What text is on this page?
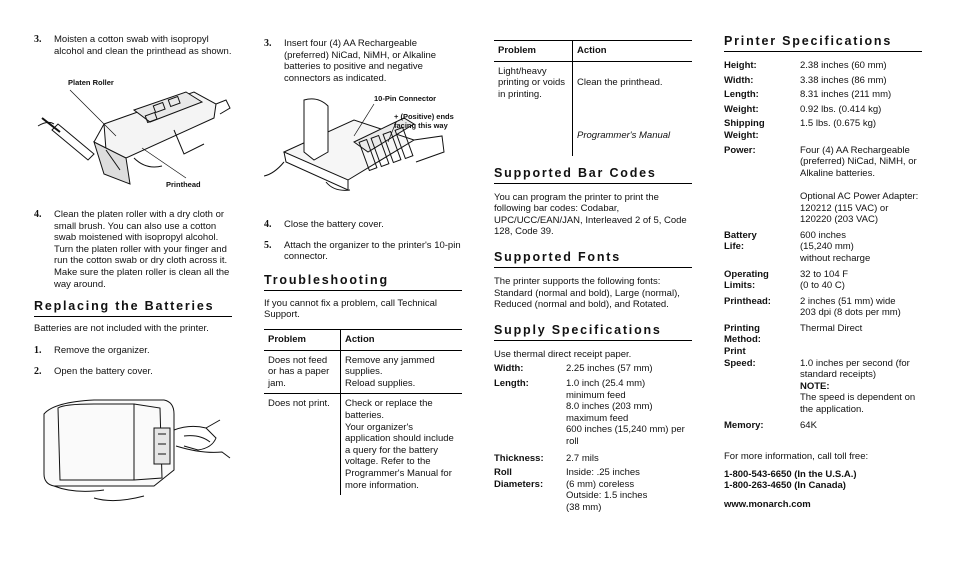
3.	Moisten a cotton swab with isopropyl alcohol and clean the printhead as shown.
Platen Roller
Printhead
4.	Clean the platen roller with a dry cloth or small brush. You can also use a cotton swab moistened with isopropyl alcohol. Turn the platen roller with your finger and run the cotton swab or dry cloth across it. Make sure the platen roller is clean all the way around.
Replacing the Batteries

Batteries are not included with the printer.

1.	Remove the organizer.
2.	Open the battery cover.
3.	Insert four (4) AA Rechargeable (preferred) NiCad, NiMH, or Alkaline batteries to positive and negative connectors as indicated.
10-Pin Connector
+ (Positive) ends facing this way
4.	Close the battery cover.
5.	Attach the organizer to the printer's 10-pin connector.
Troubleshooting

If you cannot fix a problem, call Technical Support.

Problem	Action
Does not feed or has a paper jam.	Remove any jammed supplies.
Reload supplies.
Does not print.	Check or replace the batteries.
Your organizer's application should include a query for the battery voltage. Refer to the Programmer's Manual for more information.
Problem	Action
Light/heavy printing or voids in printing.	Clean the printhead.

Programmer's Manual

Supported Bar Codes

You can program the printer to print the following bar codes: Codabar, UPC/UCC/EAN/JAN, Interleaved 2 of 5, Code 128, Code 39.

Supported Fonts

The printer supports the following fonts: Standard (normal and bold), Large (normal), Reduced (normal and bold), and Rotated.

Supply Specifications

Use thermal direct receipt paper.

Width:	2.25 inches (57 mm)
Length:	1.0 inch (25.4 mm)
minimum feed
8.0 inches (203 mm)
maximum feed
600 inches (15,240 mm) per roll
Thickness:	2.7 mils
Roll
Diameters:	Inside: .25 inches
(6 mm) coreless
Outside: 1.5 inches
(38 mm)
Printer Specifications
Height:	2.38 inches (60 mm)
Width:	3.38 inches (86 mm)
Length:	8.31 inches (211 mm)
Weight:	0.92 lbs. (0.414 kg)
Shipping
Weight:	1.5 lbs. (0.675 kg)
Power:	Four (4) AA Rechargeable (preferred) NiCad, NiMH, or Alkaline batteries.

Optional AC Power Adapter: 120212 (115 VAC) or 120220 (203 VAC)
Battery
Life:	600 inches
(15,240 mm)
without recharge
Operating
Limits:	32 to 104 F
(0 to 40 C)
Printhead:	2 inches (51 mm) wide
203 dpi (8 dots per mm)
Printing
Method:	Thermal Direct
Print
Speed:	1.0 inches per second (for standard receipts)
NOTE:
The speed is dependent on the application.

Memory:	64K

For more information, call toll free:

1-800-543-6650 (In the U.S.A.)

1-800-263-4650 (In Canada)

www.monarch.com
